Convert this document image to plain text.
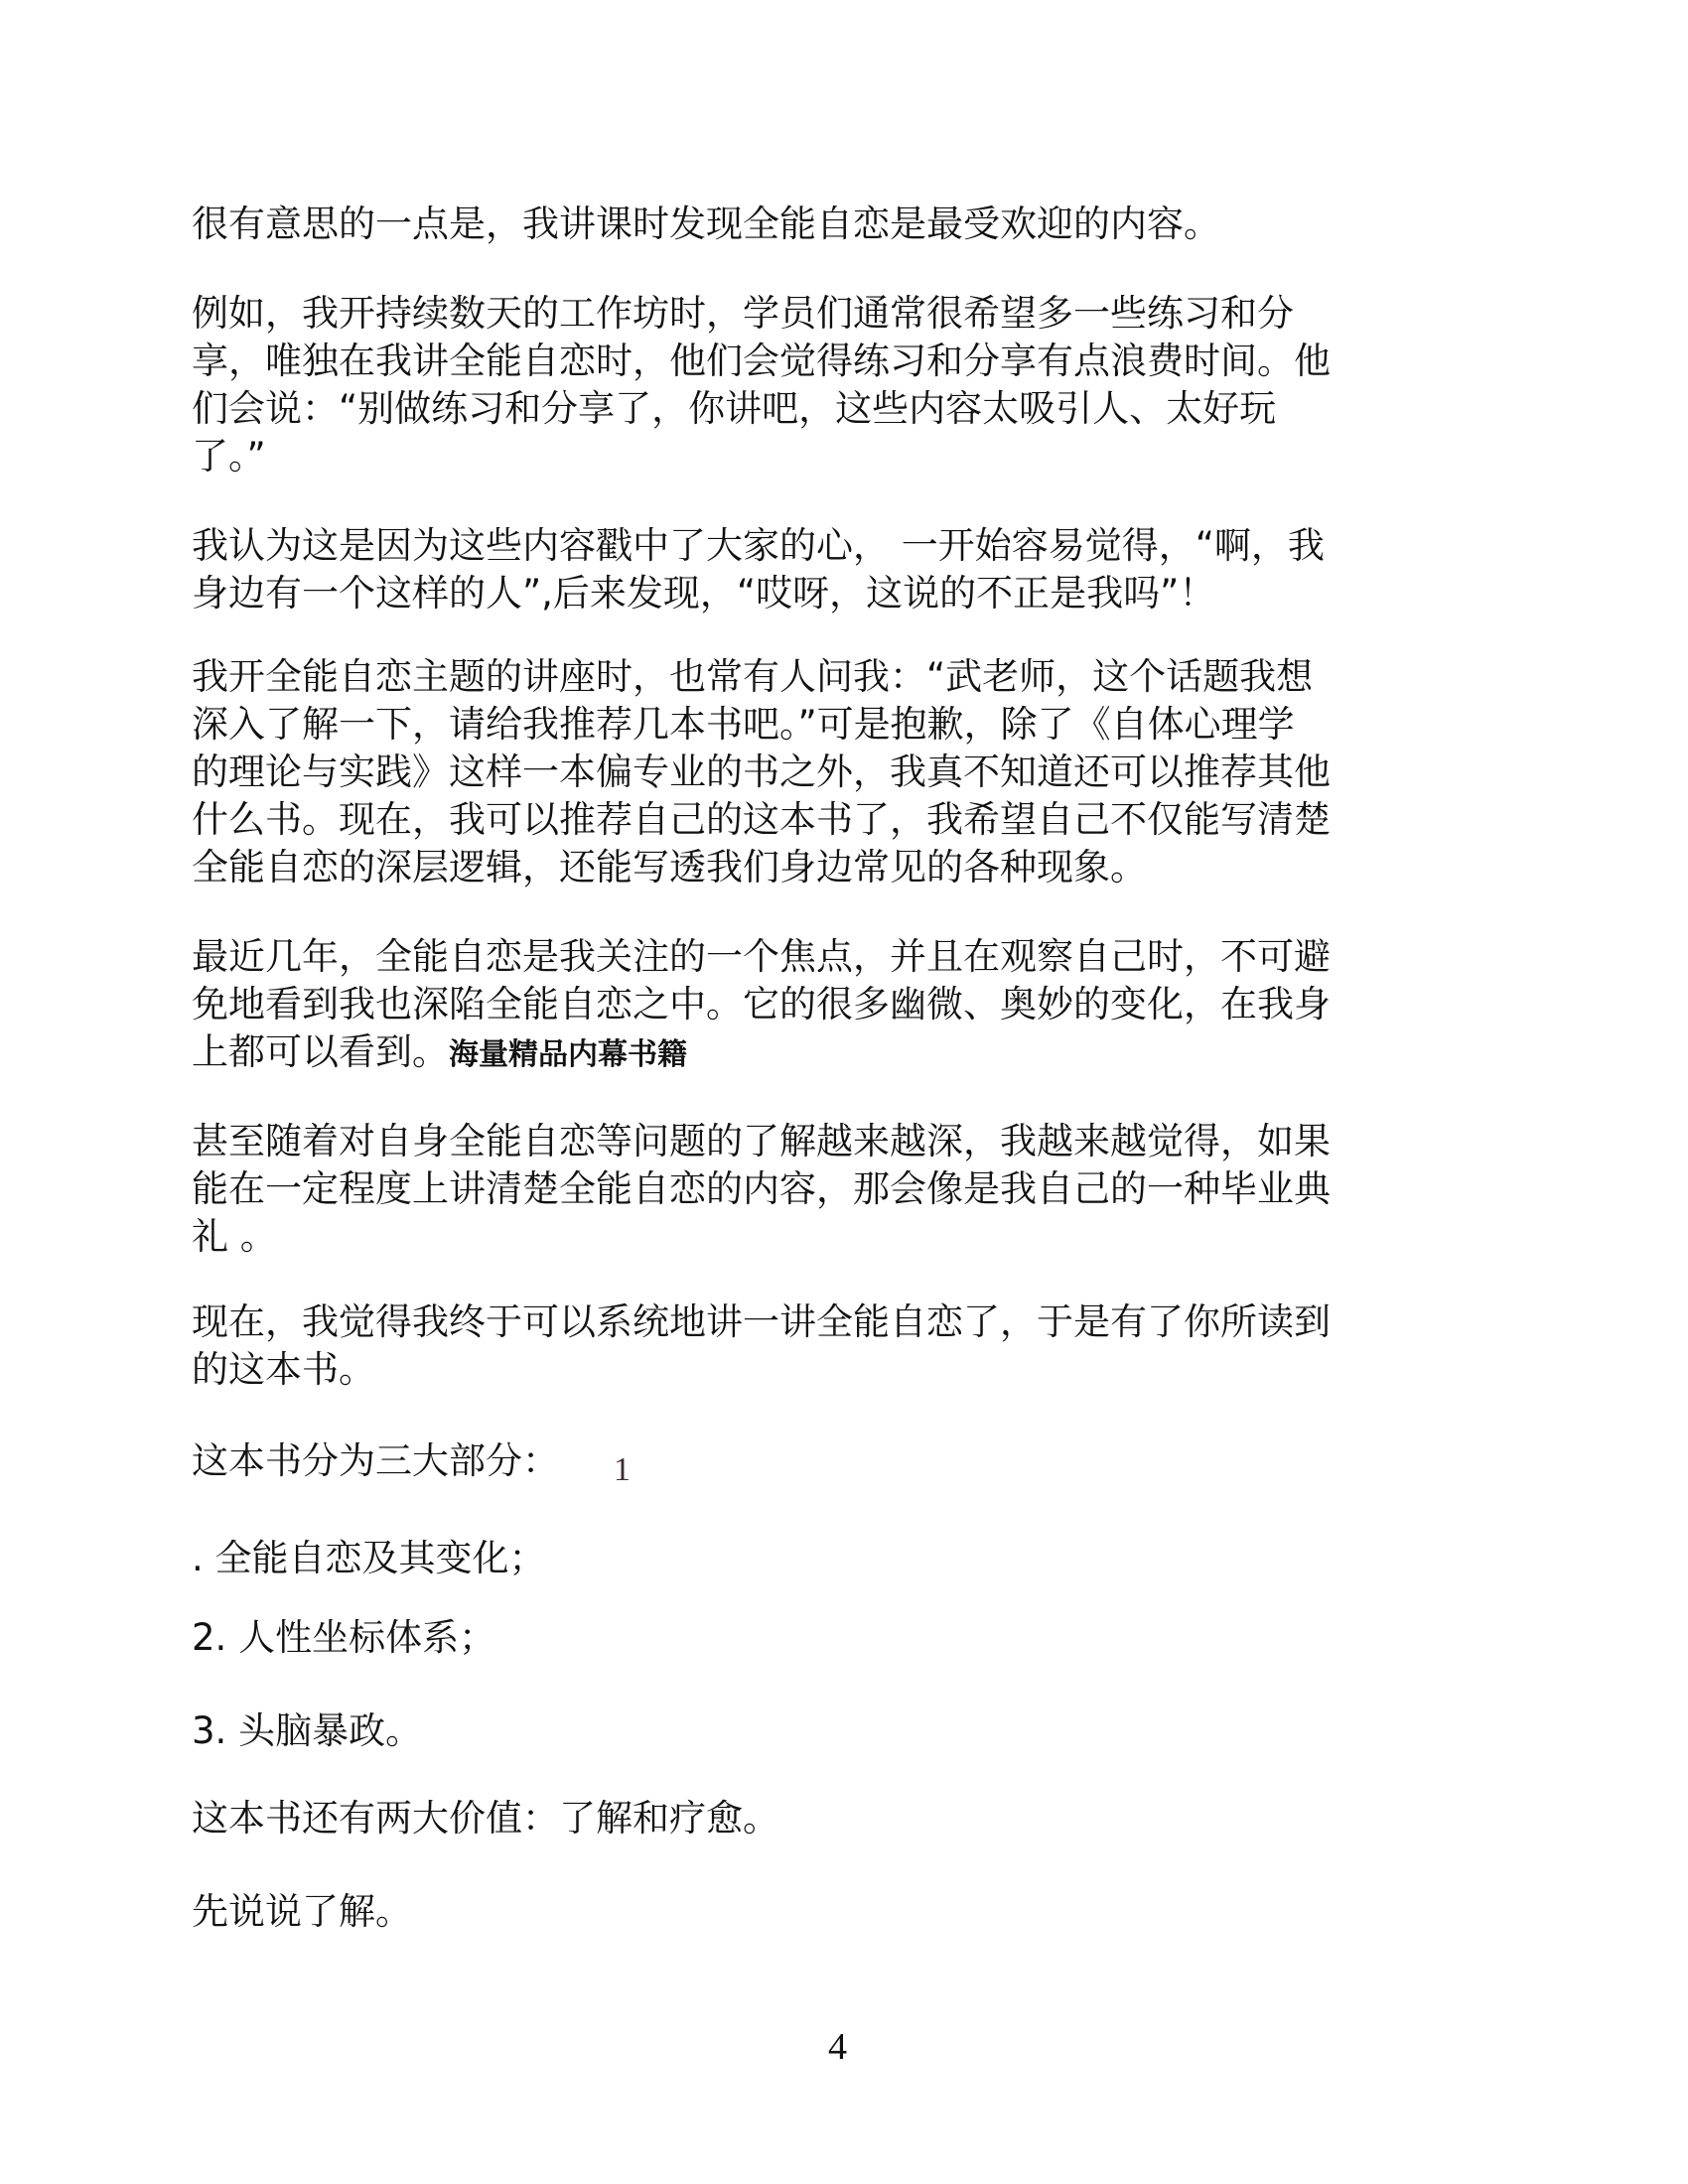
很有意思的一点是，我讲课时发现全能自恋是最受欢迎的内容。
例如，我开持续数天的工作坊时，学员们通常很希望多一些练习和分
享，唯独在我讲全能自恋时，他们会觉得练习和分享有点浪费时间。他
们会说：“别做练习和分享了，你讲吧，这些内容太吸引人、太好玩
了。”
我认为这是因为这些内容戳中了大家的心， 一开始容易觉得，“啊，我
身边有一个这样的人”,后来发现，“哎呀，这说的不正是我吗”！
我开全能自恋主题的讲座时，也常有人问我：“武老师，这个话题我想
深入了解一下，请给我推荐几本书吧。”可是抱歉，除了《自体心理学
的理论与实践》这样一本偏专业的书之外，我真不知道还可以推荐其他
什么书。现在，我可以推荐自己的这本书了，我希望自己不仅能写清楚
全能自恋的深层逻辑，还能写透我们身边常见的各种现象。
最近几年，全能自恋是我关注的一个焦点，并且在观察自己时，不可避
免地看到我也深陷全能自恋之中。它的很多幽微、奥妙的变化，在我身
上都可以看到。海量精品内幕书籍
甚至随着对自身全能自恋等问题的了解越来越深，我越来越觉得，如果
能在一定程度上讲清楚全能自恋的内容，那会像是我自己的一种毕业典
礼 。
现在，我觉得我终于可以系统地讲一讲全能自恋了，于是有了你所读到
的这本书。
这本书分为三大部分： 1
. 全能自恋及其变化；
2. 人性坐标体系；
3. 头脑暴政。
这本书还有两大价值：了解和疗愈。
先说说了解。
4
